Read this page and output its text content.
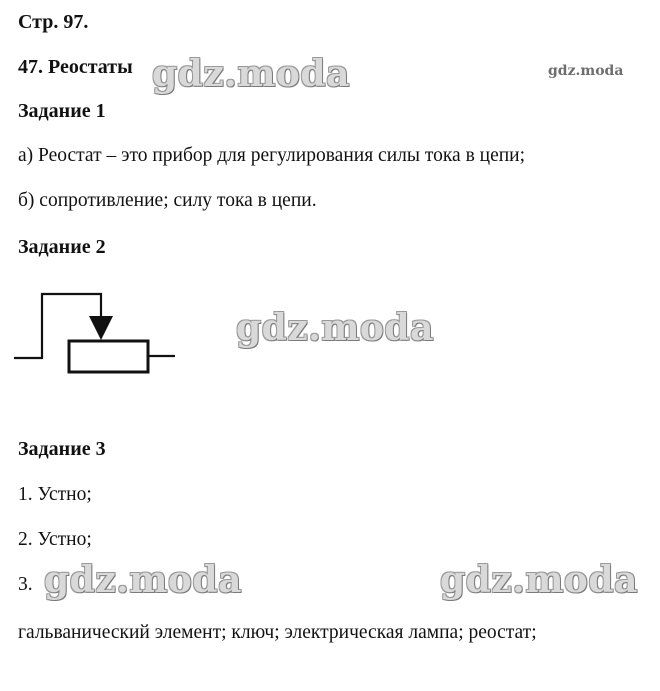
Стр. 97.
47. Реостаты
Задание 1
а) Реостат – это прибор для регулирования силы тока в цепи;
б) сопротивление; силу тока в цепи.
Задание 2
Задание 3
1. Устно;
2. Устно;
3.
гальванический элемент; ключ; электрическая лампа; реостат;
gdz.moda	gdz.moda
gdz.moda
gdz.moda	gdz.moda
